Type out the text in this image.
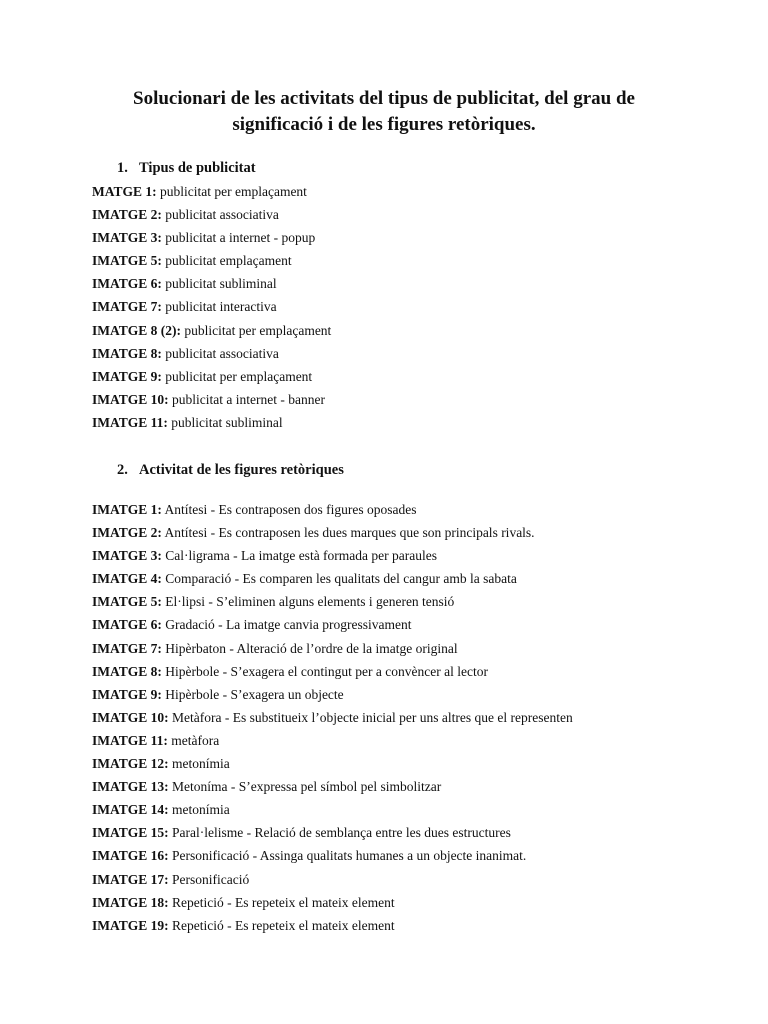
Solucionari de les activitats del tipus de publicitat, del grau de
significació i de les figures retòriques.
1. Tipus de publicitat
MATGE 1: publicitat per emplaçament
IMATGE 2: publicitat associativa
IMATGE 3: publicitat a internet - popup
IMATGE 5: publicitat emplaçament
IMATGE 6: publicitat subliminal
IMATGE 7: publicitat interactiva
IMATGE 8 (2): publicitat per emplaçament
IMATGE 8: publicitat associativa
IMATGE 9: publicitat per emplaçament
IMATGE 10: publicitat a internet - banner
IMATGE 11: publicitat subliminal
2. Activitat de les figures retòriques
IMATGE 1: Antítesi - Es contraposen dos figures oposades
IMATGE 2: Antítesi - Es contraposen les dues marques que son principals rivals.
IMATGE 3: Cal·ligrama - La imatge està formada per paraules
IMATGE 4: Comparació - Es comparen les qualitats del cangur amb la sabata
IMATGE 5: El·lipsi - S’eliminen alguns elements i generen tensió
IMATGE 6: Gradació - La imatge canvia progressivament
IMATGE 7: Hipèrbaton - Alteració de l’ordre de la imatge original
IMATGE 8: Hipèrbole - S’exagera el contingut per a convèncer al lector
IMATGE 9: Hipèrbole - S’exagera un objecte
IMATGE 10: Metàfora - Es substitueix l’objecte inicial per uns altres que el representen
IMATGE 11: metàfora
IMATGE 12: metonímia
IMATGE 13: Metoníma - S’expressa pel símbol pel simbolitzar
IMATGE 14: metonímia
IMATGE 15: Paral·lelisme - Relació de semblança entre les dues estructures
IMATGE 16: Personificació - Assinga qualitats humanes a un objecte inanimat.
IMATGE 17: Personificació
IMATGE 18: Repetició - Es repeteix el mateix element
IMATGE 19: Repetició - Es repeteix el mateix element
